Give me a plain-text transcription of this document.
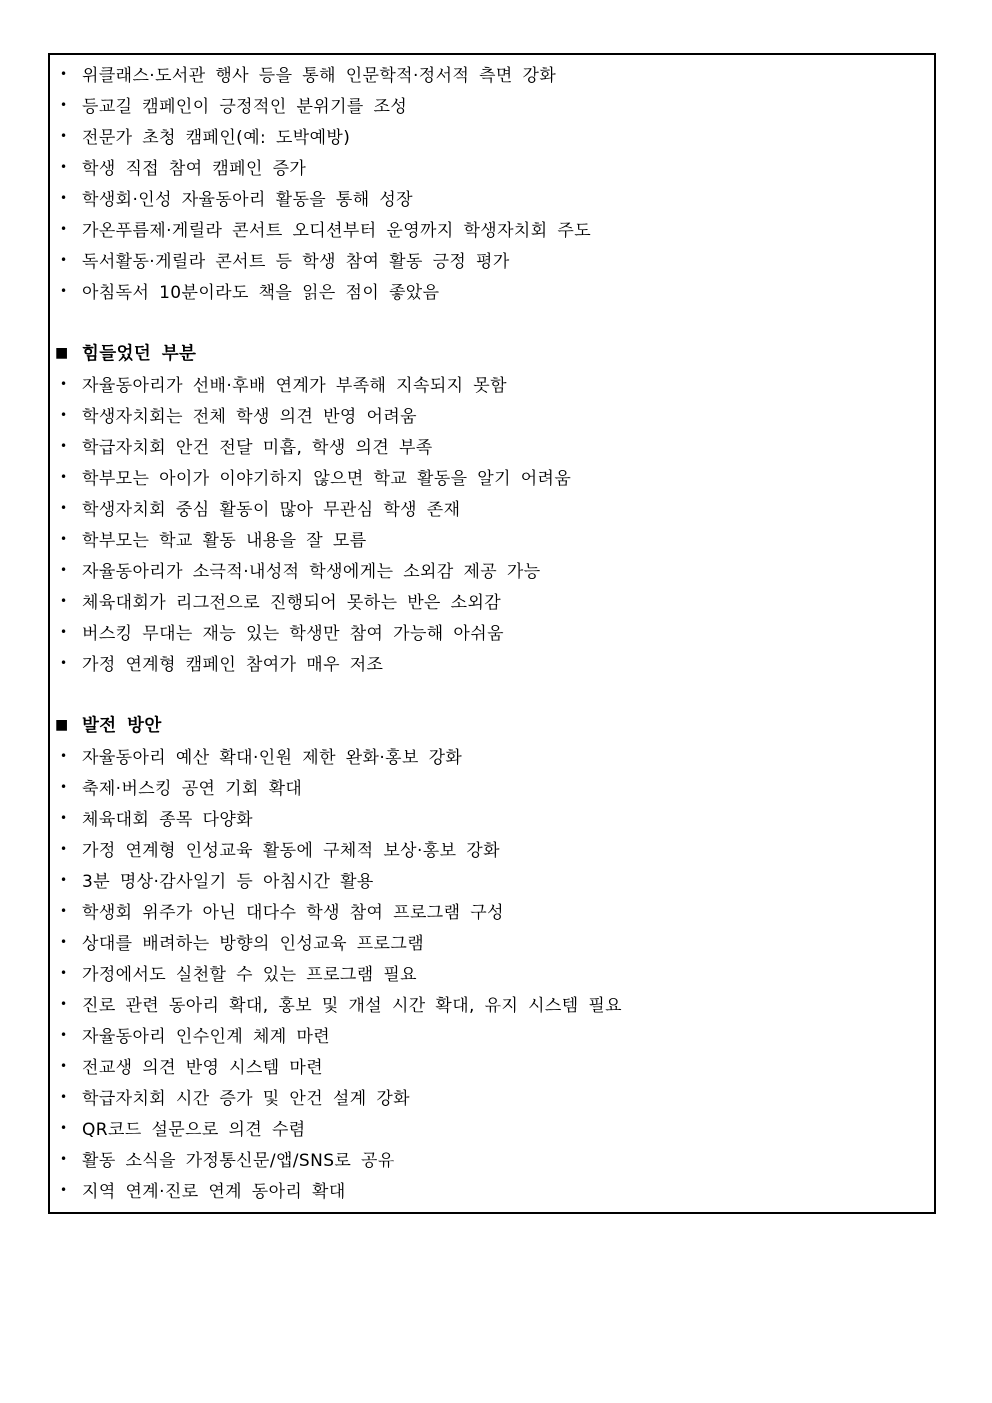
• 위클래스·도서관 행사 등을 통해 인문학적·정서적 측면 강화
• 등교길 캠페인이 긍정적인 분위기를 조성
• 전문가 초청 캠페인(예: 도박예방)
• 학생 직접 참여 캠페인 증가
• 학생회·인성 자율동아리 활동을 통해 성장
• 가온푸름제·게릴라 콘서트 오디션부터 운영까지 학생자치회 주도
• 독서활동·게릴라 콘서트 등 학생 참여 활동 긍정 평가
• 아침독서 10분이라도 책을 읽은 점이 좋았음
■ 힘들었던 부분
• 자율동아리가 선배·후배 연계가 부족해 지속되지 못함
• 학생자치회는 전체 학생 의견 반영 어려움
• 학급자치회 안건 전달 미흡, 학생 의견 부족
• 학부모는 아이가 이야기하지 않으면 학교 활동을 알기 어려움
• 학생자치회 중심 활동이 많아 무관심 학생 존재
• 학부모는 학교 활동 내용을 잘 모름
• 자율동아리가 소극적·내성적 학생에게는 소외감 제공 가능
• 체육대회가 리그전으로 진행되어 못하는 반은 소외감
• 버스킹 무대는 재능 있는 학생만 참여 가능해 아쉬움
• 가정 연계형 캠페인 참여가 매우 저조
■ 발전 방안
• 자율동아리 예산 확대·인원 제한 완화·홍보 강화
• 축제·버스킹 공연 기회 확대
• 체육대회 종목 다양화
• 가정 연계형 인성교육 활동에 구체적 보상·홍보 강화
• 3분 명상·감사일기 등 아침시간 활용
• 학생회 위주가 아닌 대다수 학생 참여 프로그램 구성
• 상대를 배려하는 방향의 인성교육 프로그램
• 가정에서도 실천할 수 있는 프로그램 필요
• 진로 관련 동아리 확대, 홍보 및 개설 시간 확대, 유지 시스템 필요
• 자율동아리 인수인계 체계 마련
• 전교생 의견 반영 시스템 마련
• 학급자치회 시간 증가 및 안건 설계 강화
• QR코드 설문으로 의견 수렴
• 활동 소식을 가정통신문/앱/SNS로 공유
• 지역 연계·진로 연계 동아리 확대
